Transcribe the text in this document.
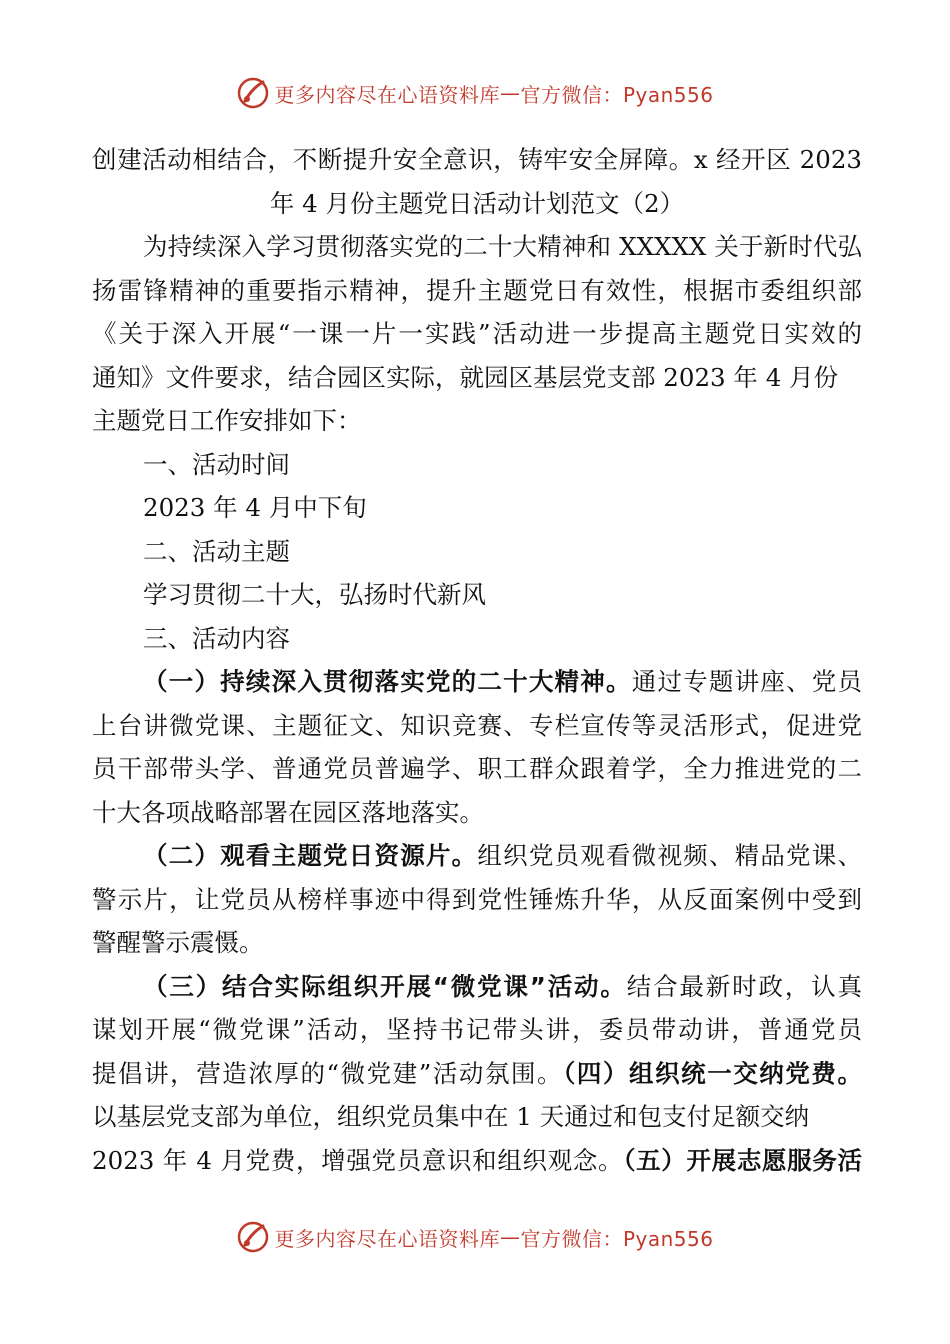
更多内容尽在心语资料库 — 官方微信：Pyan556
创建活动相结合，不断提升安全意识，铸牢安全屏障。x 经开区 2023
年 4 月份主题党日活动计划范文（2）
为持续深入学习贯彻落实党的二十大精神和 XXXXX 关于新时代弘
扬雷锋精神的重要指示精神，提升主题党日有效性，根据市委组织部
《关于深入开展“一课一片一实践”活动进一步提高主题党日实效的
通知》文件要求，结合园区实际，就园区基层党支部 2023 年 4 月份
主题党日工作安排如下：
一、活动时间
2023 年 4 月中下旬
二、活动主题
学习贯彻二十大，弘扬时代新风
三、活动内容
（一）持续深入贯彻落实党的二十大精神。通过专题讲座、党员
上台讲微党课、主题征文、知识竞赛、专栏宣传等灵活形式，促进党
员干部带头学、普通党员普遍学、职工群众跟着学，全力推进党的二
十大各项战略部署在园区落地落实。
（二）观看主题党日资源片。组织党员观看微视频、精品党课、
警示片，让党员从榜样事迹中得到党性锤炼升华，从反面案例中受到
警醒警示震慑。
（三）结合实际组织开展“微党课”活动。结合最新时政，认真
谋划开展“微党课”活动，坚持书记带头讲，委员带动讲，普通党员
提倡讲，营造浓厚的“微党建”活动氛围。（四）组织统一交纳党费。
以基层党支部为单位，组织党员集中在 1 天通过和包支付足额交纳
2023 年 4 月党费，增强党员意识和组织观念。（五）开展志愿服务活
更多内容尽在心语资料库 — 官方微信：Pyan556
